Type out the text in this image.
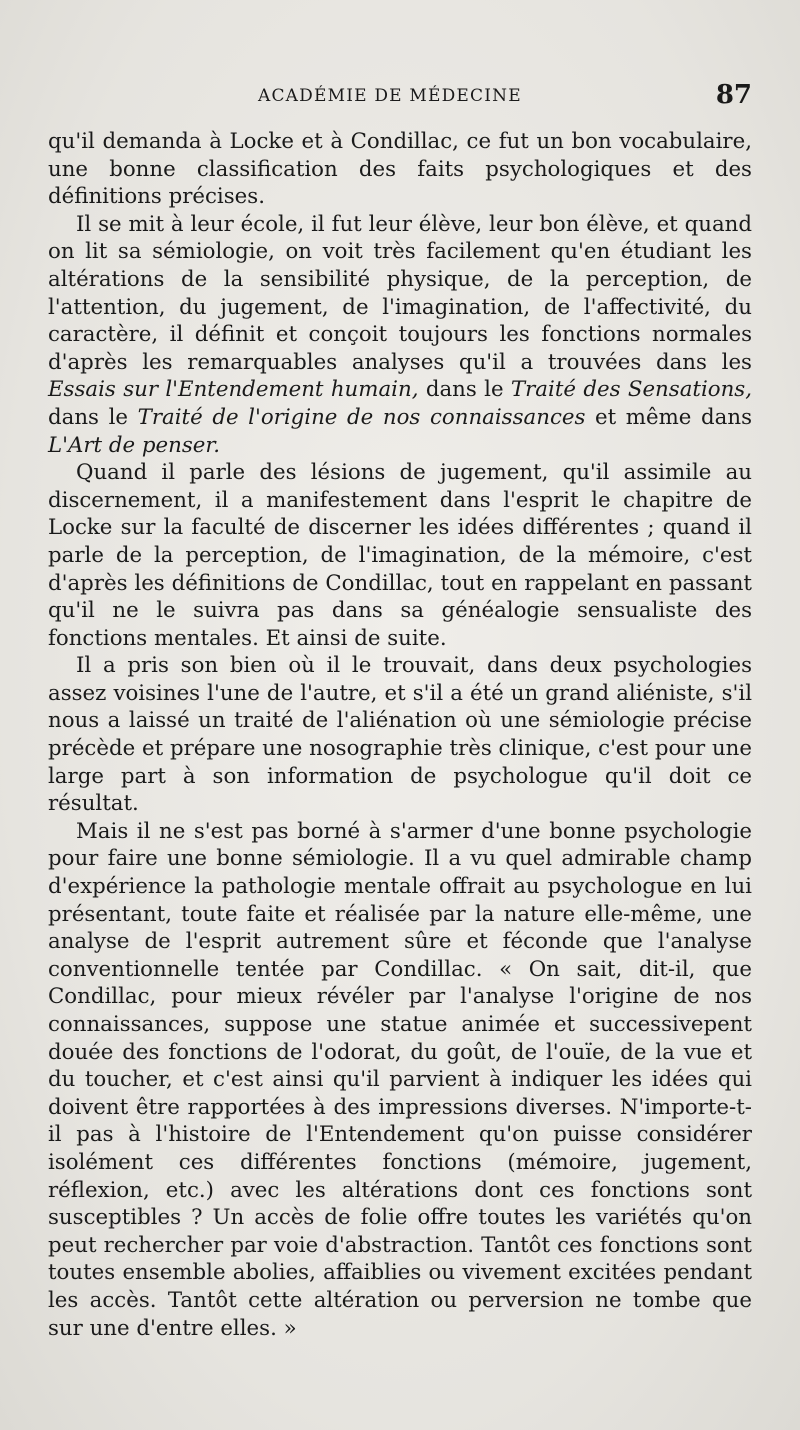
ACADÉMIE DE MÉDECINE	87

qu'il demanda à Locke et à Condillac, ce fut un bon vocabulaire, une bonne classification des faits psychologiques et des définitions précises.

Il se mit à leur école, il fut leur élève, leur bon élève, et quand on lit sa sémiologie, on voit très facilement qu'en étudiant les altérations de la sensibilité physique, de la perception, de l'attention, du jugement, de l'imagination, de l'affectivité, du caractère, il définit et conçoit toujours les fonctions normales d'après les remarquables analyses qu'il a trouvées dans les Essais sur l'Entendement humain, dans le Traité des Sensations, dans le Traité de l'origine de nos connaissances et même dans L'Art de penser.

Quand il parle des lésions de jugement, qu'il assimile au discernement, il a manifestement dans l'esprit le chapitre de Locke sur la faculté de discerner les idées différentes ; quand il parle de la perception, de l'imagination, de la mémoire, c'est d'après les définitions de Condillac, tout en rappelant en passant qu'il ne le suivra pas dans sa généalogie sensualiste des fonctions mentales. Et ainsi de suite.

Il a pris son bien où il le trouvait, dans deux psychologies assez voisines l'une de l'autre, et s'il a été un grand aliéniste, s'il nous a laissé un traité de l'aliénation où une sémiologie précise précède et prépare une nosographie très clinique, c'est pour une large part à son information de psychologue qu'il doit ce résultat.

Mais il ne s'est pas borné à s'armer d'une bonne psychologie pour faire une bonne sémiologie. Il a vu quel admirable champ d'expérience la pathologie mentale offrait au psychologue en lui présentant, toute faite et réalisée par la nature elle-même, une analyse de l'esprit autrement sûre et féconde que l'analyse conventionnelle tentée par Condillac. « On sait, dit-il, que Condillac, pour mieux révéler par l'analyse l'origine de nos connaissances, suppose une statue animée et successivepent douée des fonctions de l'odorat, du goût, de l'ouïe, de la vue et du toucher, et c'est ainsi qu'il parvient à indiquer les idées qui doivent être rapportées à des impressions diverses. N'importe-t-il pas à l'histoire de l'Entendement qu'on puisse considérer isolément ces différentes fonctions (mémoire, jugement, réflexion, etc.) avec les altérations dont ces fonctions sont susceptibles ? Un accès de folie offre toutes les variétés qu'on peut rechercher par voie d'abstraction. Tantôt ces fonctions sont toutes ensemble abolies, affaiblies ou vivement excitées pendant les accès. Tantôt cette altération ou perversion ne tombe que sur une d'entre elles. »
